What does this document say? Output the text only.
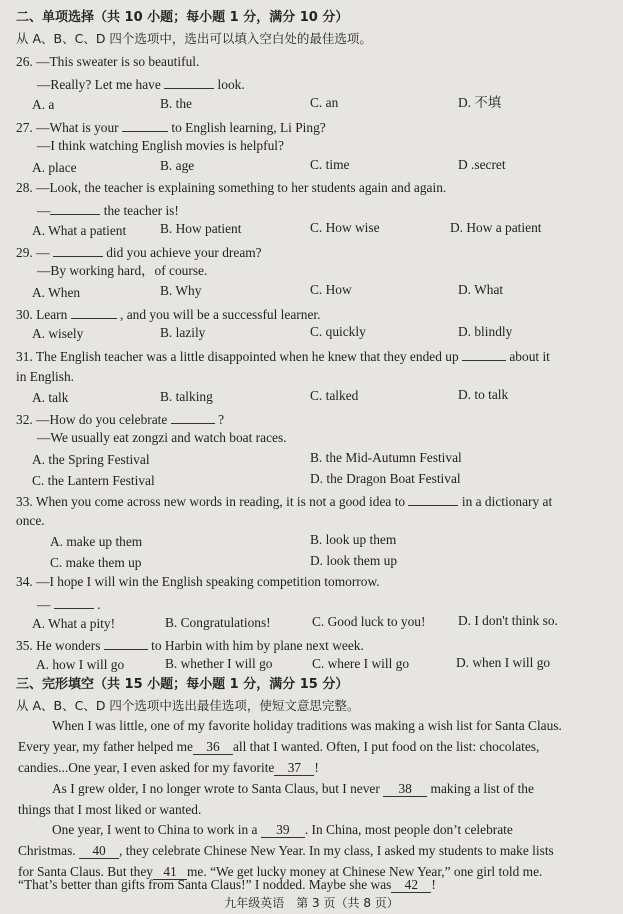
二、单项选择（共 10 小题；每小题 1 分，满分 10 分）
从 A、B、C、D 四个选项中，选出可以填入空白处的最佳选项。
26. —This sweater is so beautiful.
—Really? Let me have	look.
A. a	B. the	C. an	D. 不填
27. —What is your	to English learning, Li Ping?
—I think watching English movies is helpful?
A. place	B. age	C. time	D .secret
28. —Look, the teacher is explaining something to her students again and again.
—	the teacher is!
A. What a patient	B. How patient	C. How wise	D. How a patient
29. —	did you achieve your dream?
—By working hard，of course.
A. When	B. Why	C. How	D. What
30. Learn	, and you will be a successful learner.
A. wisely	B. lazily	C. quickly	D. blindly
31. The English teacher was a little disappointed when he knew that they ended up	about it
in English.
A. talk	B. talking	C. talked	D. to talk
32. —How do you celebrate	?
—We usually eat zongzi and watch boat races.
A. the Spring Festival	B. the Mid-Autumn Festival
C. the Lantern Festival	D. the Dragon Boat Festival
33. When you come across new words in reading, it is not a good idea to	in a dictionary at
once.
A. make up them	B. look up them
C. make them up	D. look them up
34. —I hope I will win the English speaking competition tomorrow.
—	.
A. What a pity!	B. Congratulations!	C. Good luck to you! D. I don't think so.
35. He wonders	to Harbin with him by plane next week.
A. how I will go	B. whether I will go	C. where I will go	D. when I will go
三、完形填空（共 15 小题；每小题 1 分，满分 15 分）
从 A、B、C、D 四个选项中选出最佳选项，使短文意思完整。
When I was little, one of my favorite holiday traditions was making a wish list for Santa Claus.
Every year, my father helped me 36 all that I wanted. Often, I put food on the list: chocolates,
candies...One year, I even asked for my favorite 37 !
As I grew older, I no longer wrote to Santa Claus, but I never 38 making a list of the
things that I most liked or wanted.
One year, I went to China to work in a 39 . In China, most people don’t celebrate
Christmas. 40 , they celebrate Chinese New Year. In my class, I asked my students to make lists
for Santa Claus. But they 41 me. “We get lucky money at Chinese New Year,” one girl told me.
“That’s better than gifts from Santa Claus!” I nodded. Maybe she was 42 !
九年级英语　第 3 页（共 8 页）
